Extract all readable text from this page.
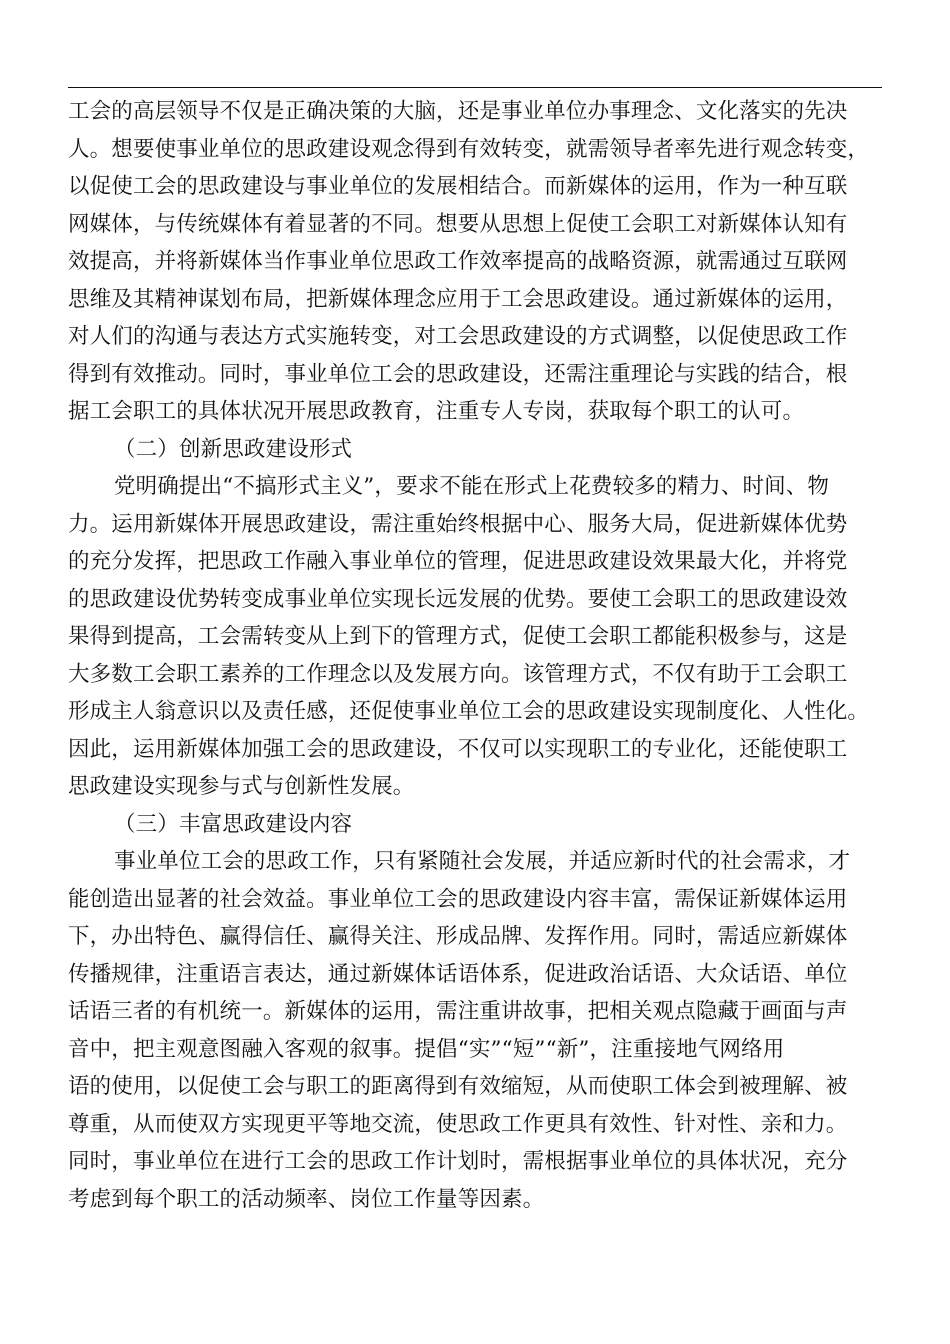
工会的高层领导不仅是正确决策的大脑，还是事业单位办事理念、文化落实的先决
人。想要使事业单位的思政建设观念得到有效转变，就需领导者率先进行观念转变，
以促使工会的思政建设与事业单位的发展相结合。而新媒体的运用，作为一种互联
网媒体，与传统媒体有着显著的不同。想要从思想上促使工会职工对新媒体认知有
效提高，并将新媒体当作事业单位思政工作效率提高的战略资源，就需通过互联网
思维及其精神谋划布局，把新媒体理念应用于工会思政建设。通过新媒体的运用，
对人们的沟通与表达方式实施转变，对工会思政建设的方式调整，以促使思政工作
得到有效推动。同时，事业单位工会的思政建设，还需注重理论与实践的结合，根
据工会职工的具体状况开展思政教育，注重专人专岗，获取每个职工的认可。
（二）创新思政建设形式
党明确提出“不搞形式主义”，要求不能在形式上花费较多的精力、时间、物
力。运用新媒体开展思政建设，需注重始终根据中心、服务大局，促进新媒体优势
的充分发挥，把思政工作融入事业单位的管理，促进思政建设效果最大化，并将党
的思政建设优势转变成事业单位实现长远发展的优势。要使工会职工的思政建设效
果得到提高，工会需转变从上到下的管理方式，促使工会职工都能积极参与，这是
大多数工会职工素养的工作理念以及发展方向。该管理方式，不仅有助于工会职工
形成主人翁意识以及责任感，还促使事业单位工会的思政建设实现制度化、人性化。
因此，运用新媒体加强工会的思政建设，不仅可以实现职工的专业化，还能使职工
思政建设实现参与式与创新性发展。
（三）丰富思政建设内容
事业单位工会的思政工作，只有紧随社会发展，并适应新时代的社会需求，才
能创造出显著的社会效益。事业单位工会的思政建设内容丰富，需保证新媒体运用
下，办出特色、赢得信任、赢得关注、形成品牌、发挥作用。同时，需适应新媒体
传播规律，注重语言表达，通过新媒体话语体系，促进政治话语、大众话语、单位
话语三者的有机统一。新媒体的运用，需注重讲故事，把相关观点隐藏于画面与声
音中，把主观意图融入客观的叙事。提倡“实”“短”“新”，注重接地气网络用
语的使用，以促使工会与职工的距离得到有效缩短，从而使职工体会到被理解、被
尊重，从而使双方实现更平等地交流，使思政工作更具有效性、针对性、亲和力。
同时，事业单位在进行工会的思政工作计划时，需根据事业单位的具体状况，充分
考虑到每个职工的活动频率、岗位工作量等因素。
